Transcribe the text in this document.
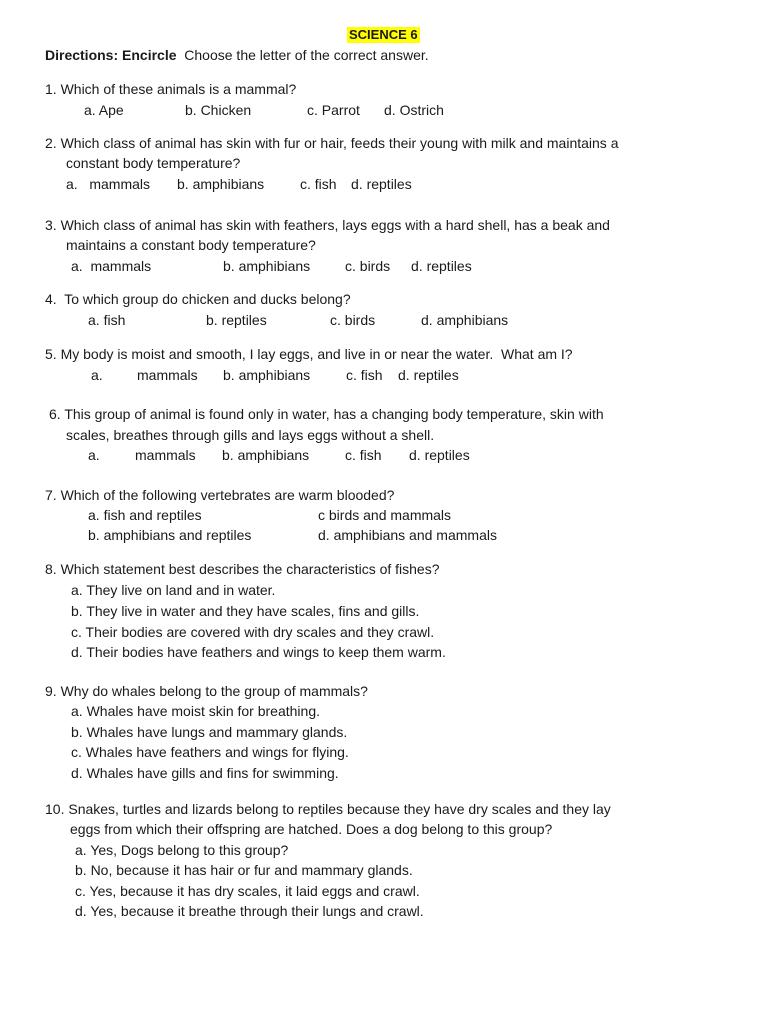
SCIENCE 6
Directions: Encircle  Choose the letter of the correct answer.
1. Which of these animals is a mammal?
a. Ape	b. Chicken	c. Parrot d. Ostrich
2. Which class of animal has skin with fur or hair, feeds their young with milk and maintains a
constant body temperature?
a.   mammals b. amphibians	c. fish d. reptiles
3. Which class of animal has skin with feathers, lays eggs with a hard shell, has a beak and
maintains a constant body temperature?
a.  mammals	b. amphibians c. birds d. reptiles
4.  To which group do chicken and ducks belong?
a. fish	b. reptiles	c. birds	d. amphibians
5. My body is moist and smooth, I lay eggs, and live in or near the water.  What am I?
a. mammals b. amphibians	c. fish d. reptiles
6. This group of animal is found only in water, has a changing body temperature, skin with
scales, breathes through gills and lays eggs without a shell.
a.	mammals b. amphibians	c. fish d. reptiles
7. Which of the following vertebrates are warm blooded?
a. fish and reptiles	c birds and mammals
b. amphibians and reptiles	d. amphibians and mammals
8. Which statement best describes the characteristics of fishes?
a. They live on land and in water.
b. They live in water and they have scales, fins and gills.
c. Their bodies are covered with dry scales and they crawl.
d. Their bodies have feathers and wings to keep them warm.
9. Why do whales belong to the group of mammals?
a. Whales have moist skin for breathing.
b. Whales have lungs and mammary glands.
c. Whales have feathers and wings for flying.
d. Whales have gills and fins for swimming.
10. Snakes, turtles and lizards belong to reptiles because they have dry scales and they lay
eggs from which their offspring are hatched. Does a dog belong to this group?
a. Yes, Dogs belong to this group?
b. No, because it has hair or fur and mammary glands.
c. Yes, because it has dry scales, it laid eggs and crawl.
d. Yes, because it breathe through their lungs and crawl.
